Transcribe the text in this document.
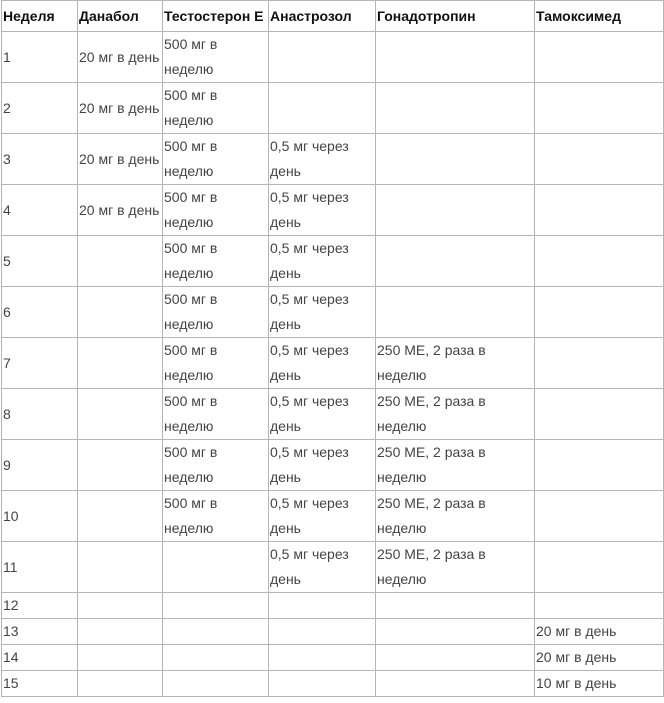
Неделя	Данабол	Тестостерон Е	Анастрозол	Гонадотропин	Тамоксимед
1	20 мг в день	500 мг в неделю			
2	20 мг в день	500 мг в неделю			
3	20 мг в день	500 мг в неделю	0,5 мг через день		
4	20 мг в день	500 мг в неделю	0,5 мг через день		
5		500 мг в неделю	0,5 мг через день		
6		500 мг в неделю	0,5 мг через день		
7		500 мг в неделю	0,5 мг через день	250 МЕ, 2 раза в неделю	
8		500 мг в неделю	0,5 мг через день	250 МЕ, 2 раза в неделю	
9		500 мг в неделю	0,5 мг через день	250 МЕ, 2 раза в неделю	
10		500 мг в неделю	0,5 мг через день	250 МЕ, 2 раза в неделю	
11			0,5 мг через день	250 МЕ, 2 раза в неделю	
12					
13					20 мг в день
14					20 мг в день
15					10 мг в день
